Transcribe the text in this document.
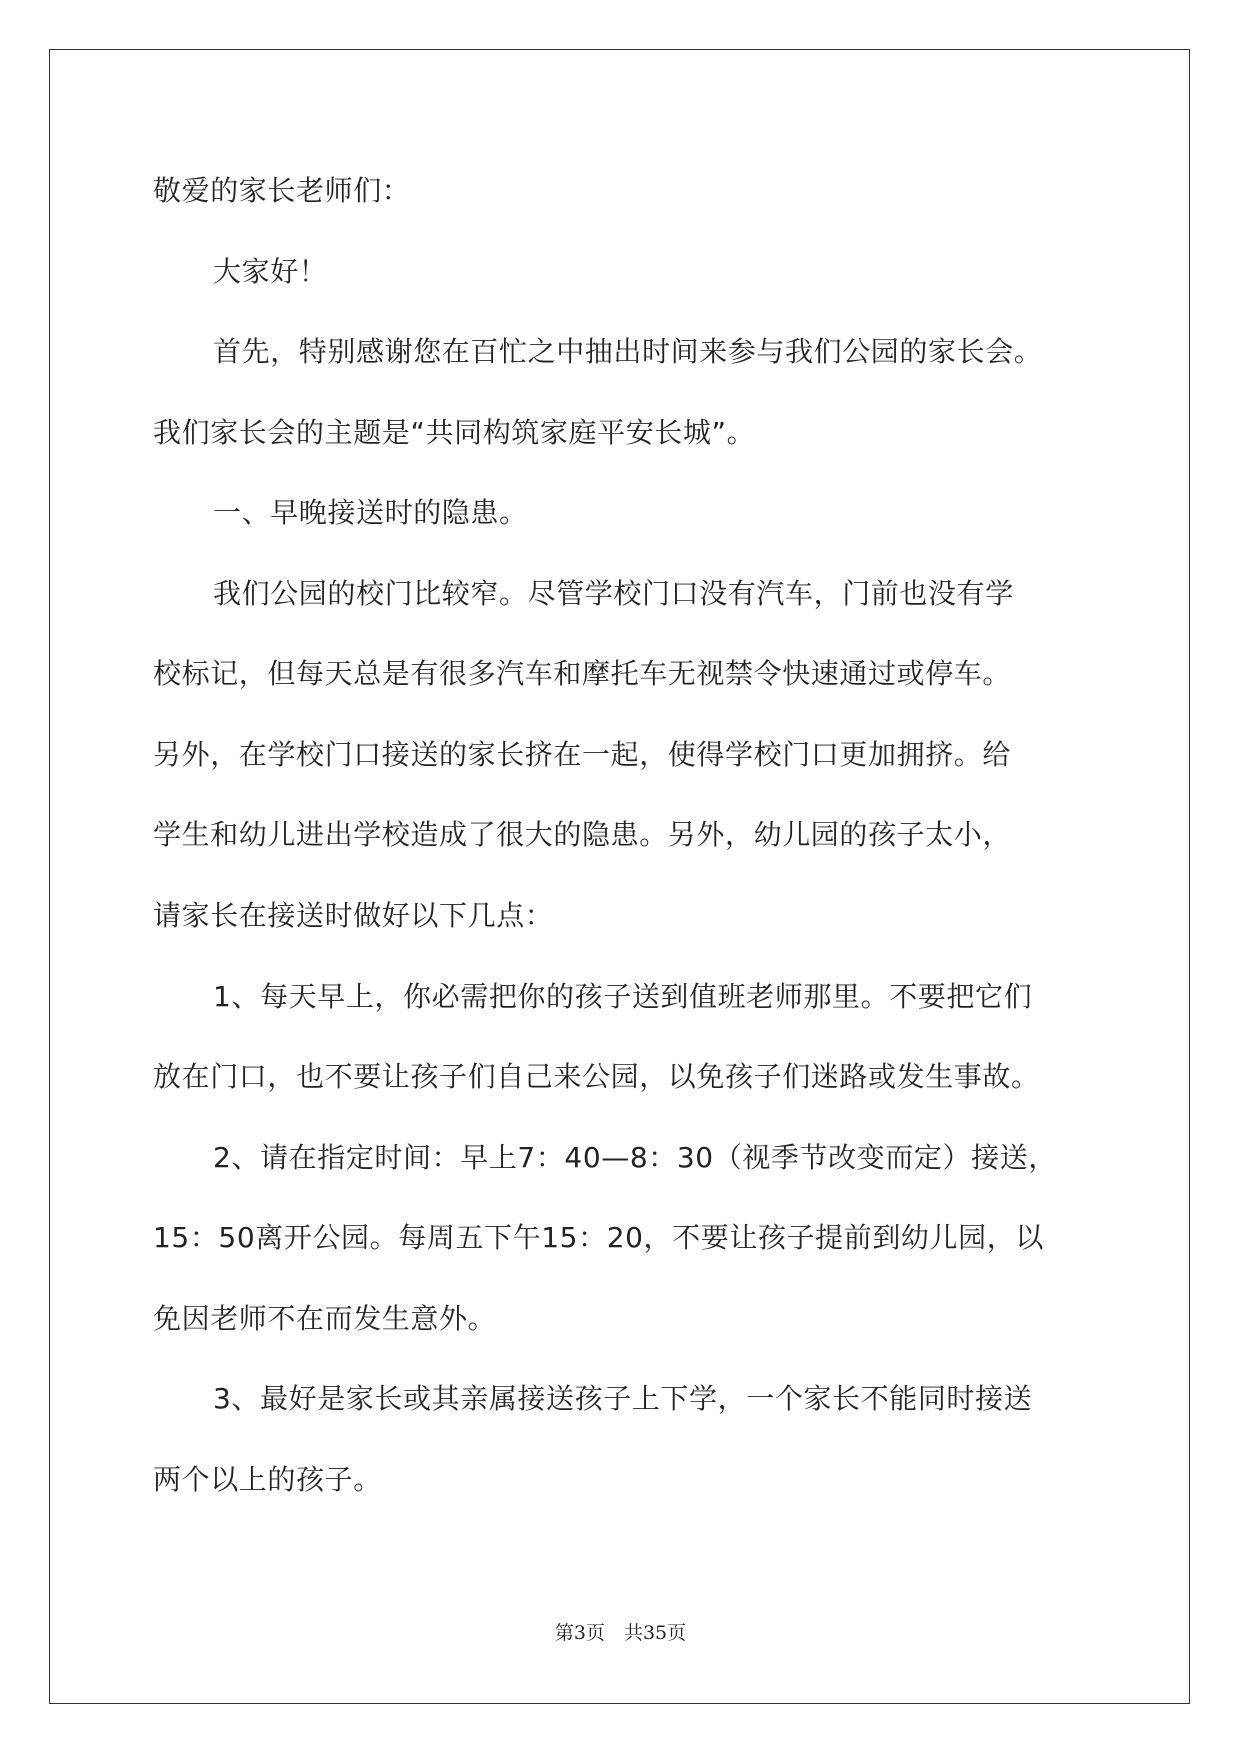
敬爱的家长老师们：
大家好！
首先，特别感谢您在百忙之中抽出时间来参与我们公园的家长会。
我们家长会的主题是“共同构筑家庭平安长城”。
一、早晚接送时的隐患。
我们公园的校门比较窄。尽管学校门口没有汽车，门前也没有学
校标记，但每天总是有很多汽车和摩托车无视禁令快速通过或停车。
另外，在学校门口接送的家长挤在一起，使得学校门口更加拥挤。给
学生和幼儿进出学校造成了很大的隐患。另外，幼儿园的孩子太小，
请家长在接送时做好以下几点：
1、每天早上，你必需把你的孩子送到值班老师那里。不要把它们
放在门口，也不要让孩子们自己来公园，以免孩子们迷路或发生事故。
2、请在指定时间：早上7：40—8：30（视季节改变而定）接送，
15：50离开公园。每周五下午15：20，不要让孩子提前到幼儿园，以
免因老师不在而发生意外。
3、最好是家长或其亲属接送孩子上下学，一个家长不能同时接送
两个以上的孩子。
第3页　共35页
